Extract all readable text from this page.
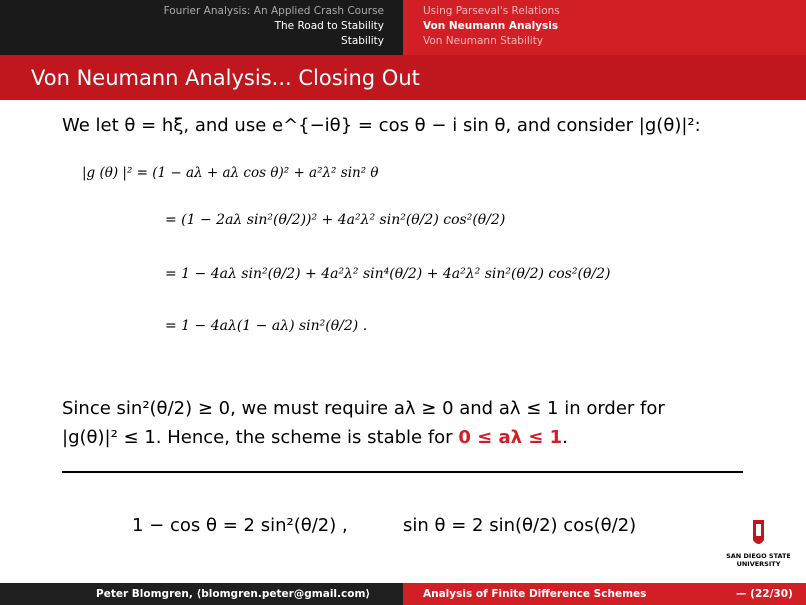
Fourier Analysis: An Applied Crash Course
The Road to Stability
Stability
Using Parseval's Relations
Von Neumann Analysis
Von Neumann Stability
Von Neumann Analysis... Closing Out
We let θ = hξ, and use e^{−iθ} = cos θ − i sin θ, and consider |g(θ)|²:
|g (θ) |² = (1 − aλ + aλ cos θ)² + a²λ² sin² θ
= (1 − 2aλ sin²(θ/2))² + 4a²λ² sin²(θ/2) cos²(θ/2)
= 1 − 4aλ sin²(θ/2) + 4a²λ² sin⁴(θ/2) + 4a²λ² sin²(θ/2) cos²(θ/2)
= 1 − 4aλ(1 − aλ) sin²(θ/2) .
Since sin²(θ/2) ≥ 0, we must require aλ ≥ 0 and aλ ≤ 1 in order for
|g(θ)|² ≤ 1. Hence, the scheme is stable for 0 ≤ aλ ≤ 1.
1 − cos θ = 2 sin²(θ/2) ,	sin θ = 2 sin(θ/2) cos(θ/2)
SAN DIEGO STATE
UNIVERSITY
Peter Blomgren, ⟨blomgren.peter@gmail.com⟩	Analysis of Finite Difference Schemes	— (22/30)
